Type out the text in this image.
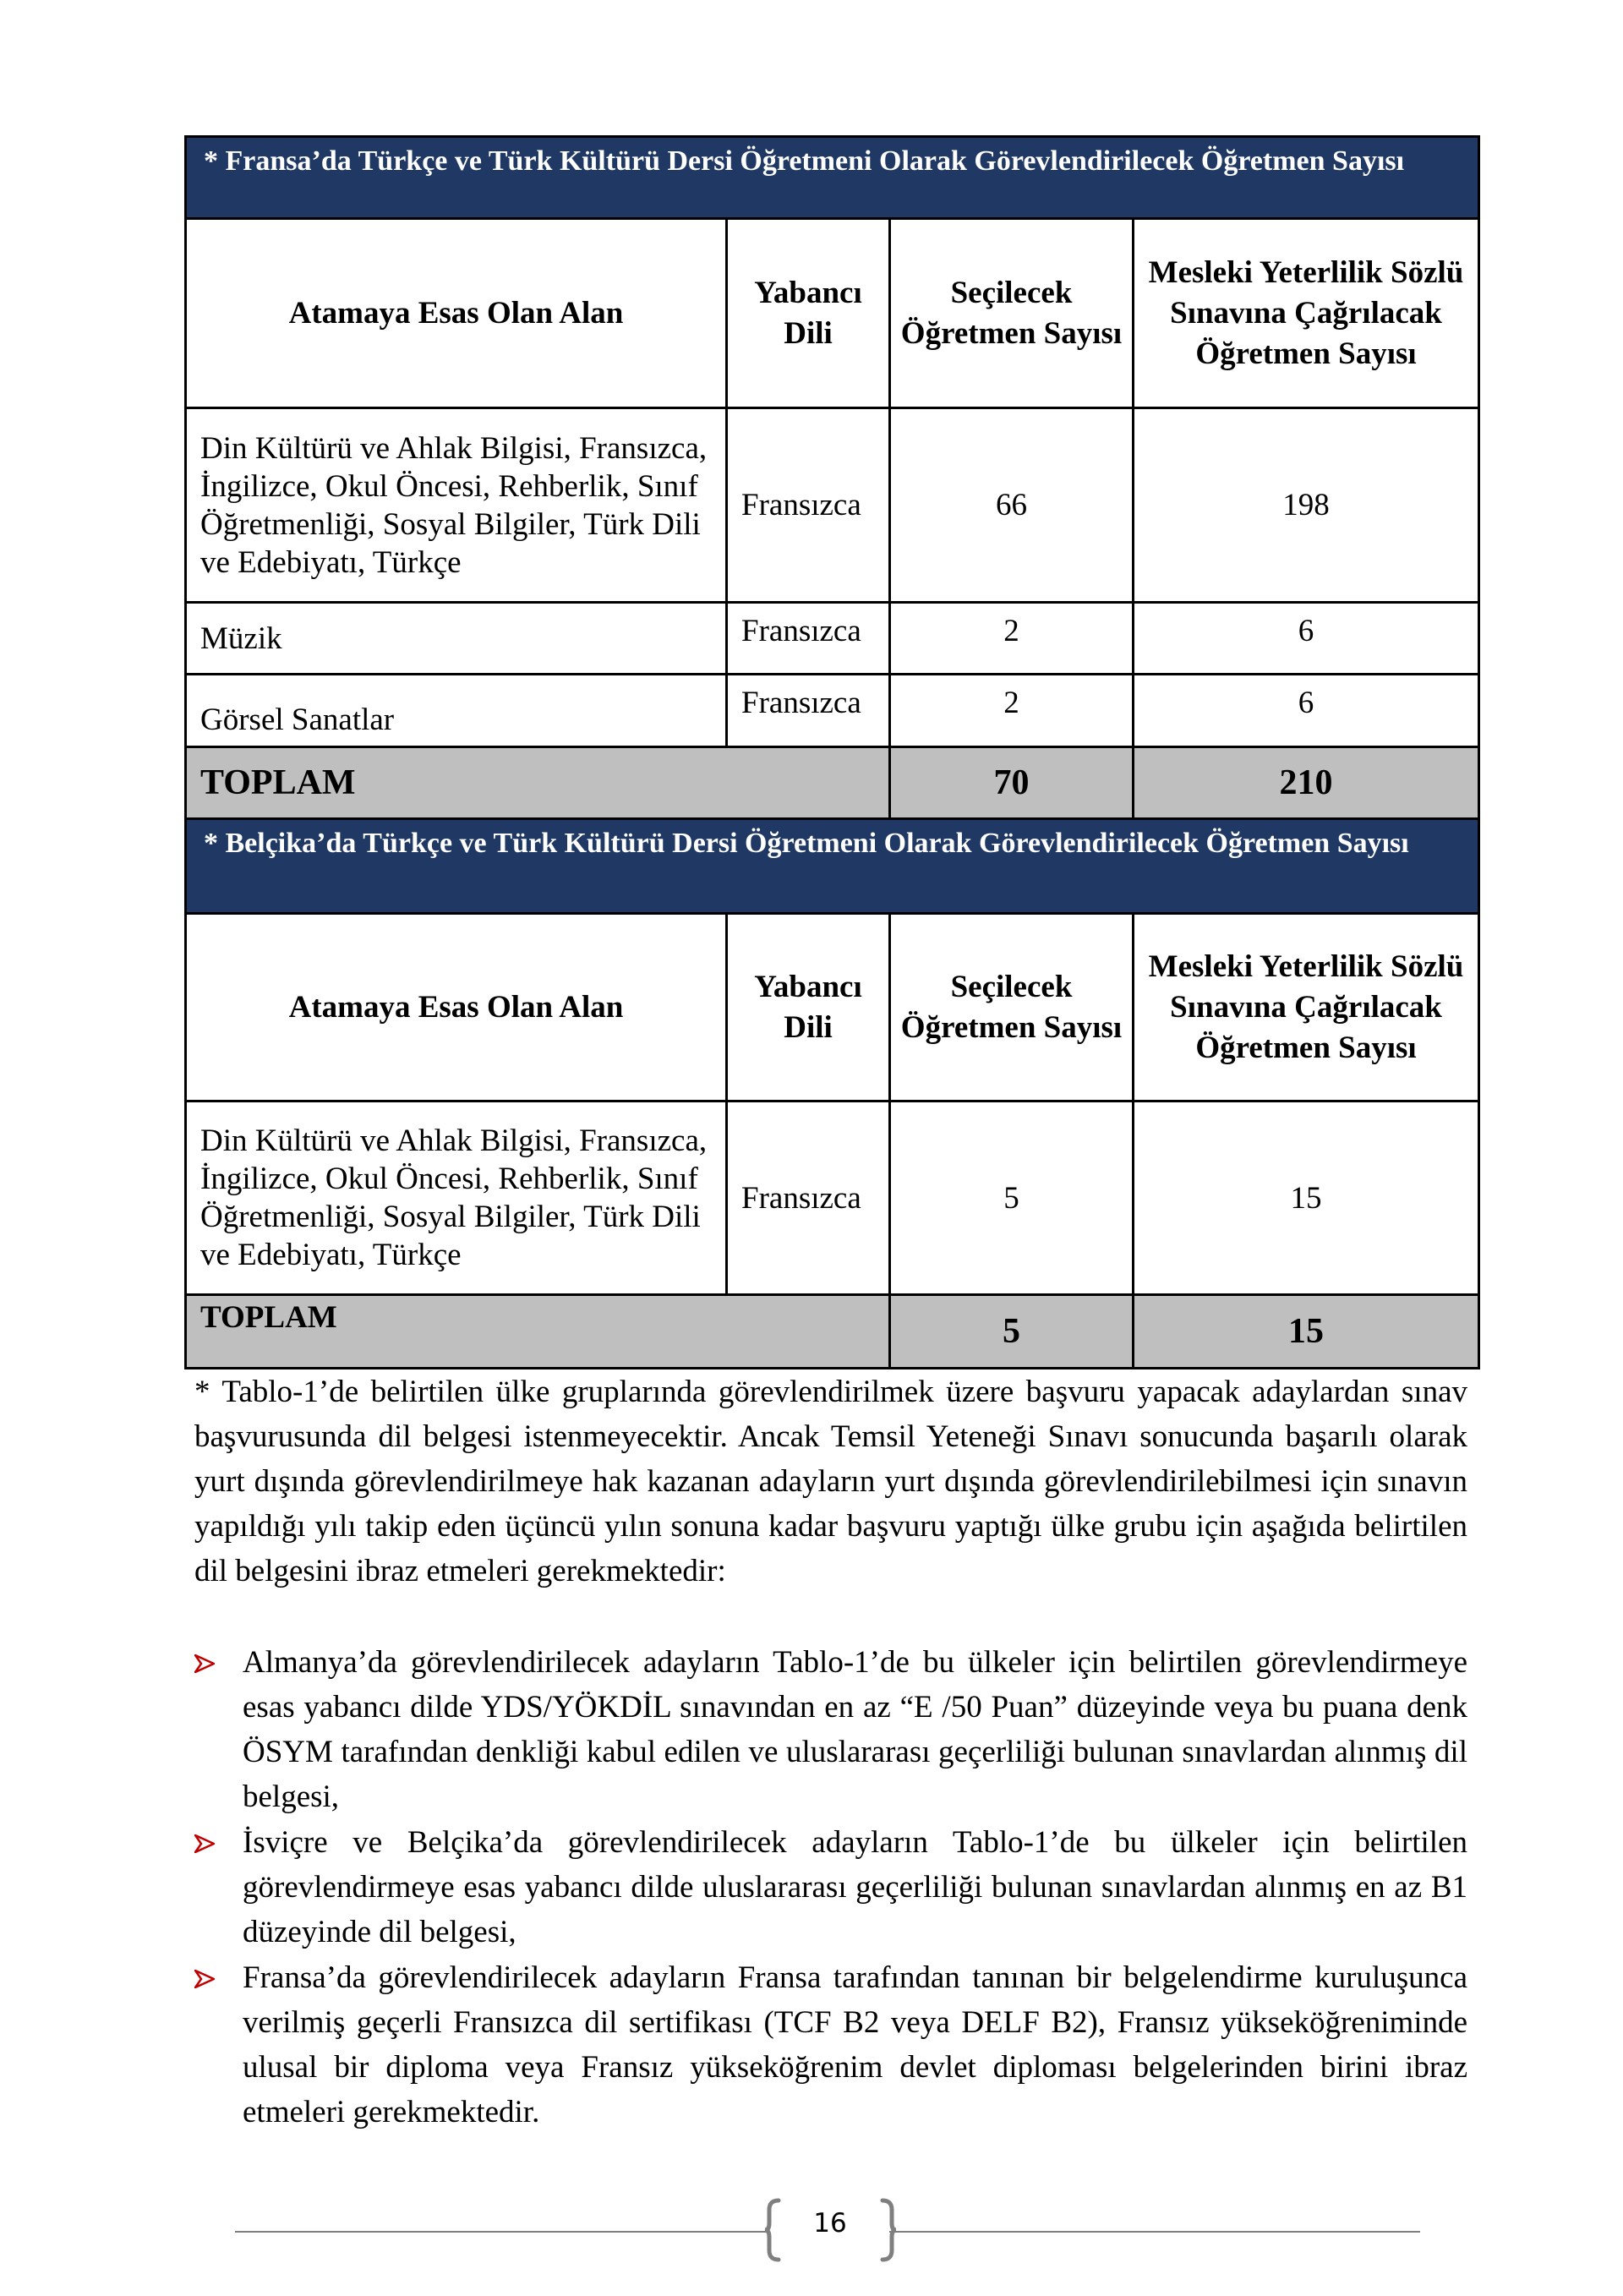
* Fransa’da Türkçe ve Türk Kültürü Dersi Öğretmeni Olarak Görevlendirilecek Öğretmen Sayısı			
Atamaya Esas Olan Alan	Yabancı Dili	Seçilecek Öğretmen Sayısı	Mesleki Yeterlilik Sözlü Sınavına Çağrılacak Öğretmen Sayısı
Din Kültürü ve Ahlak Bilgisi, Fransızca, İngilizce, Okul Öncesi, Rehberlik, Sınıf Öğretmenliği, Sosyal Bilgiler, Türk Dili ve Edebiyatı, Türkçe	Fransızca	66	198
Müzik	Fransızca	2	6
Görsel Sanatlar	Fransızca	2	6
TOPLAM		70	210
* Belçika’da Türkçe ve Türk Kültürü Dersi Öğretmeni Olarak Görevlendirilecek Öğretmen Sayısı			
Atamaya Esas Olan Alan	Yabancı Dili	Seçilecek Öğretmen Sayısı	Mesleki Yeterlilik Sözlü Sınavına Çağrılacak Öğretmen Sayısı
Din Kültürü ve Ahlak Bilgisi, Fransızca, İngilizce, Okul Öncesi, Rehberlik, Sınıf Öğretmenliği, Sosyal Bilgiler, Türk Dili ve Edebiyatı, Türkçe	Fransızca	5	15
TOPLAM		5	15

* Tablo-1’de belirtilen ülke gruplarında görevlendirilmek üzere başvuru yapacak adaylardan sınav başvurusunda dil belgesi istenmeyecektir. Ancak Temsil Yeteneği Sınavı sonucunda başarılı olarak yurt dışında görevlendirilmeye hak kazanan adayların yurt dışında görevlendirilebilmesi için sınavın yapıldığı yılı takip eden üçüncü yılın sonuna kadar başvuru yaptığı ülke grubu için aşağıda belirtilen dil belgesini ibraz etmeleri gerekmektedir:

Almanya’da görevlendirilecek adayların Tablo-1’de bu ülkeler için belirtilen görevlendirmeye esas yabancı dilde YDS/YÖKDİL sınavından en az “E /50 Puan” düzeyinde veya bu puana denk ÖSYM tarafından denkliği kabul edilen ve uluslararası geçerliliği bulunan sınavlardan alınmış dil belgesi,
İsviçre ve Belçika’da görevlendirilecek adayların Tablo-1’de bu ülkeler için belirtilen görevlendirmeye esas yabancı dilde uluslararası geçerliliği bulunan sınavlardan alınmış en az B1 düzeyinde dil belgesi,
Fransa’da görevlendirilecek adayların Fransa tarafından tanınan bir belgelendirme kuruluşunca verilmiş geçerli Fransızca dil sertifikası (TCF B2 veya DELF B2), Fransız yükseköğreniminde ulusal bir diploma veya Fransız yükseköğrenim devlet diploması belgelerinden birini ibraz etmeleri gerekmektedir.
16
